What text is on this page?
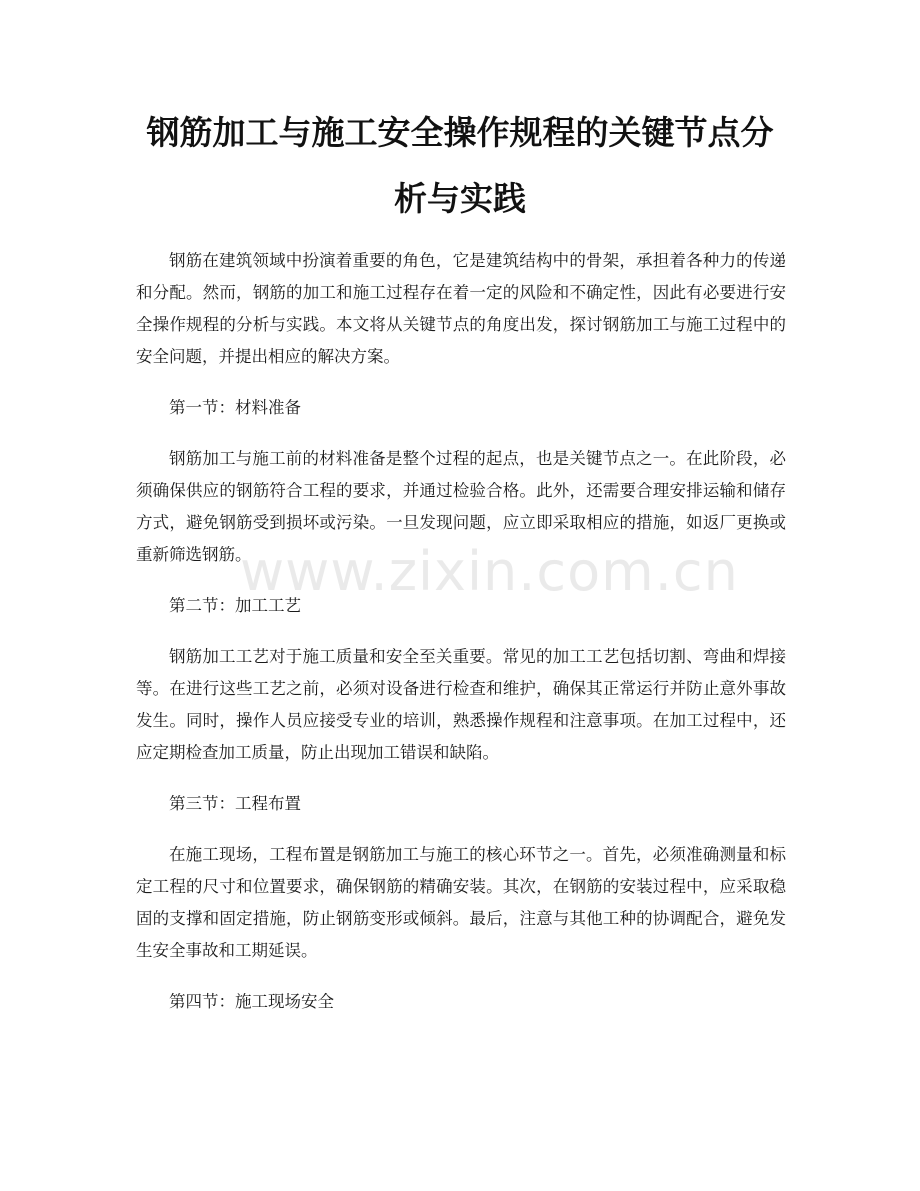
钢筋加工与施工安全操作规程的关键节点分析与实践

钢筋在建筑领域中扮演着重要的角色，它是建筑结构中的骨架，承担着各种力的传递和分配。然而，钢筋的加工和施工过程存在着一定的风险和不确定性，因此有必要进行安全操作规程的分析与实践。本文将从关键节点的角度出发，探讨钢筋加工与施工过程中的安全问题，并提出相应的解决方案。

第一节：材料准备

钢筋加工与施工前的材料准备是整个过程的起点，也是关键节点之一。在此阶段，必须确保供应的钢筋符合工程的要求，并通过检验合格。此外，还需要合理安排运输和储存方式，避免钢筋受到损坏或污染。一旦发现问题，应立即采取相应的措施，如返厂更换或重新筛选钢筋。

第二节：加工工艺

钢筋加工工艺对于施工质量和安全至关重要。常见的加工工艺包括切割、弯曲和焊接等。在进行这些工艺之前，必须对设备进行检查和维护，确保其正常运行并防止意外事故发生。同时，操作人员应接受专业的培训，熟悉操作规程和注意事项。在加工过程中，还应定期检查加工质量，防止出现加工错误和缺陷。

第三节：工程布置

在施工现场，工程布置是钢筋加工与施工的核心环节之一。首先，必须准确测量和标定工程的尺寸和位置要求，确保钢筋的精确安装。其次，在钢筋的安装过程中，应采取稳固的支撑和固定措施，防止钢筋变形或倾斜。最后，注意与其他工种的协调配合，避免发生安全事故和工期延误。

第四节：施工现场安全

www.zixin.com.cn
